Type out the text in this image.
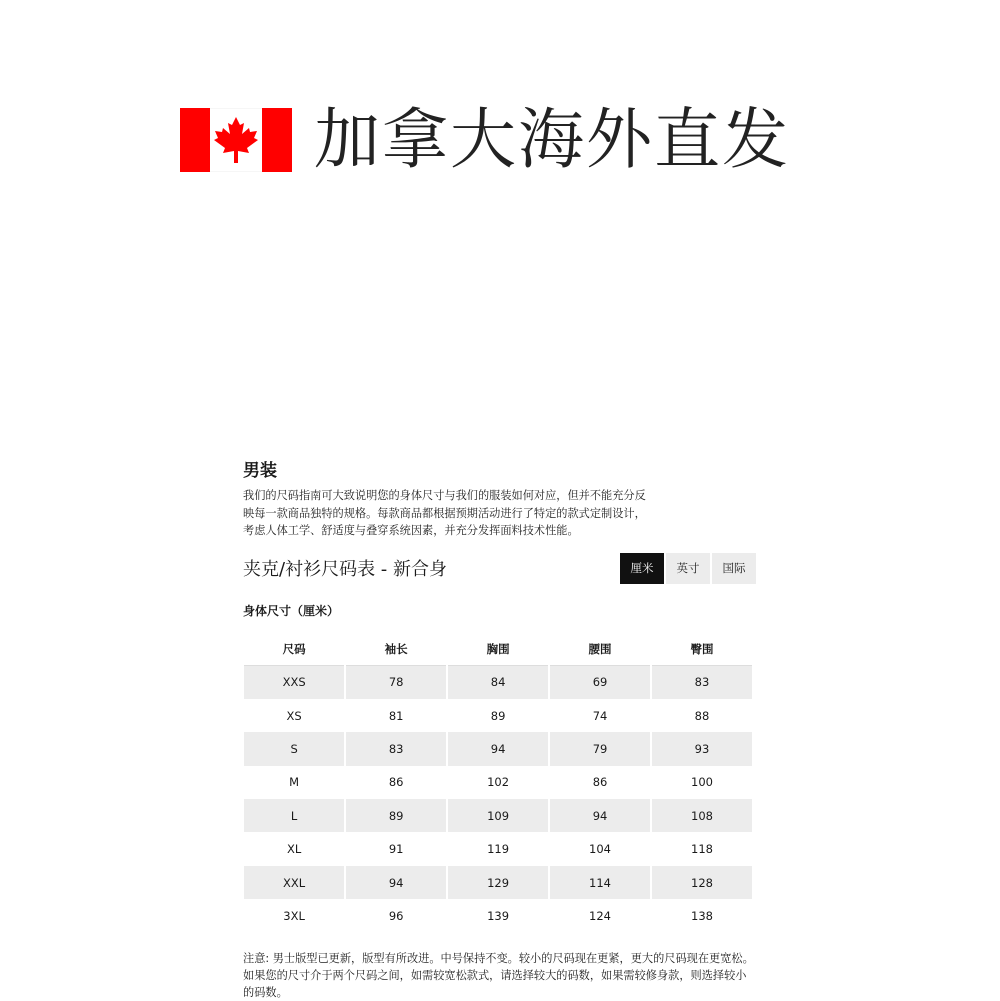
加拿大海外直发
男装

我们的尺码指南可大致说明您的身体尺寸与我们的服装如何对应，但并不能充分反
映每一款商品独特的规格。每款商品都根据预期活动进行了特定的款式定制设计，
考虑人体工学、舒适度与叠穿系统因素，并充分发挥面料技术性能。

夹克/衬衫尺码表 - 新合身	厘米	英寸	国际
身体尺寸（厘米）
尺码	袖长	胸围	腰围	臀围
XXS	78	84	69	83
XS	81	89	74	88
S	83	94	79	93
M	86	102	86	100
L	89	109	94	108
XL	91	119	104	118
XXL	94	129	114	128
3XL	96	139	124	138
注意: 男士版型已更新，版型有所改进。中号保持不变。较小的尺码现在更紧，更大的尺码现在更宽松。
如果您的尺寸介于两个尺码之间，如需较宽松款式，请选择较大的码数，如果需较修身款，则选择较小
的码数。
